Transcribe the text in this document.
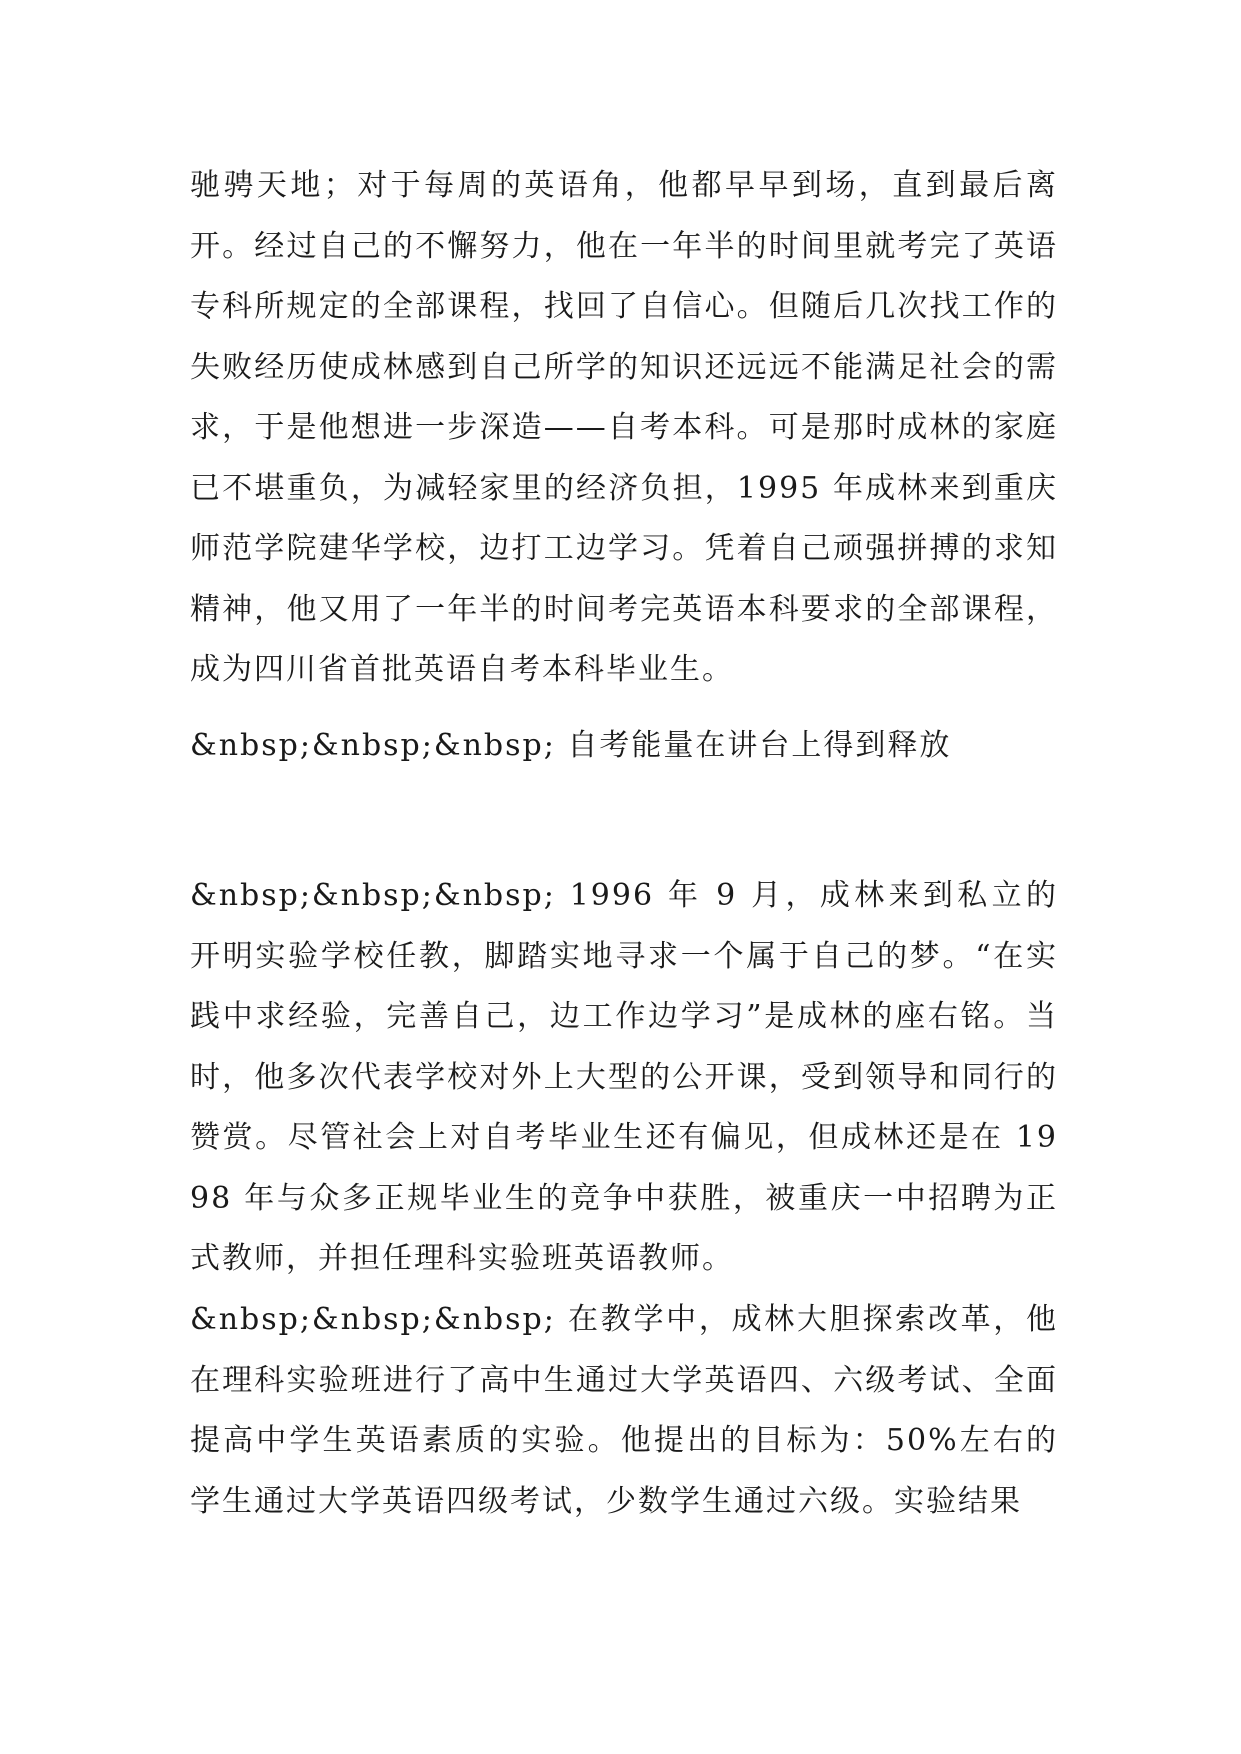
驰骋天地；对于每周的英语角，他都早早到场，直到最后离开。经过自己的不懈努力，他在一年半的时间里就考完了英语专科所规定的全部课程，找回了自信心。但随后几次找工作的失败经历使成林感到自己所学的知识还远远不能满足社会的需求，于是他想进一步深造——自考本科。可是那时成林的家庭已不堪重负，为减轻家里的经济负担，1995 年成林来到重庆师范学院建华学校，边打工边学习。凭着自己顽强拼搏的求知精神，他又用了一年半的时间考完英语本科要求的全部课程，成为四川省首批英语自考本科毕业生。

&nbsp;&nbsp;&nbsp; 自考能量在讲台上得到释放

&nbsp;&nbsp;&nbsp; 1996 年 9 月，成林来到私立的开明实验学校任教，脚踏实地寻求一个属于自己的梦。“在实践中求经验，完善自己，边工作边学习”是成林的座右铭。当时，他多次代表学校对外上大型的公开课，受到领导和同行的赞赏。尽管社会上对自考毕业生还有偏见，但成林还是在 1998 年与众多正规毕业生的竞争中获胜，被重庆一中招聘为正式教师，并担任理科实验班英语教师。

&nbsp;&nbsp;&nbsp; 在教学中，成林大胆探索改革，他在理科实验班进行了高中生通过大学英语四、六级考试、全面提高中学生英语素质的实验。他提出的目标为：50%左右的学生通过大学英语四级考试，少数学生通过六级。实验结果
